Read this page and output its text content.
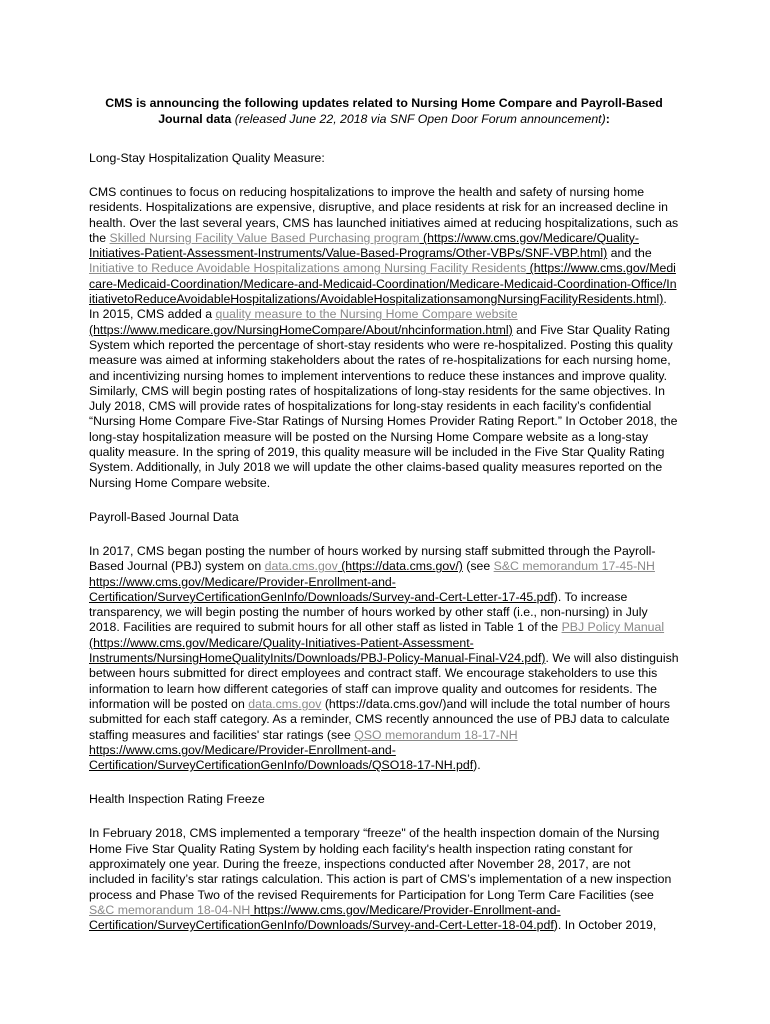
CMS is announcing the following updates related to Nursing Home Compare and Payroll-Based Journal data (released June 22, 2018 via SNF Open Door Forum announcement):
Long-Stay Hospitalization Quality Measure:

CMS continues to focus on reducing hospitalizations to improve the health and safety of nursing home residents. Hospitalizations are expensive, disruptive, and place residents at risk for an increased decline in health. Over the last several years, CMS has launched initiatives aimed at reducing hospitalizations, such as the Skilled Nursing Facility Value Based Purchasing program (https://www.cms.gov/Medicare/Quality-Initiatives-Patient-Assessment-Instruments/Value-Based-Programs/Other-VBPs/SNF-VBP.html) and the Initiative to Reduce Avoidable Hospitalizations among Nursing Facility Residents (https://www.cms.gov/Medicare-Medicaid-Coordination/Medicare-and-Medicaid-Coordination/Medicare-Medicaid-Coordination-Office/InitiativetoReduceAvoidableHospitalizations/AvoidableHospitalizationsamongNursingFacilityResidents.html). In 2015, CMS added a quality measure to the Nursing Home Compare website (https://www.medicare.gov/NursingHomeCompare/About/nhcinformation.html) and Five Star Quality Rating System which reported the percentage of short-stay residents who were re-hospitalized. Posting this quality measure was aimed at informing stakeholders about the rates of re-hospitalizations for each nursing home, and incentivizing nursing homes to implement interventions to reduce these instances and improve quality. Similarly, CMS will begin posting rates of hospitalizations of long-stay residents for the same objectives. In July 2018, CMS will provide rates of hospitalizations for long-stay residents in each facility’s confidential “Nursing Home Compare Five-Star Ratings of Nursing Homes Provider Rating Report.” In October 2018, the long-stay hospitalization measure will be posted on the Nursing Home Compare website as a long-stay quality measure. In the spring of 2019, this quality measure will be included in the Five Star Quality Rating System. Additionally, in July 2018 we will update the other claims-based quality measures reported on the Nursing Home Compare website.

Payroll-Based Journal Data

In 2017, CMS began posting the number of hours worked by nursing staff submitted through the Payroll-Based Journal (PBJ) system on data.cms.gov (https://data.cms.gov/) (see S&C memorandum 17-45-NH https://www.cms.gov/Medicare/Provider-Enrollment-and-Certification/SurveyCertificationGenInfo/Downloads/Survey-and-Cert-Letter-17-45.pdf). To increase transparency, we will begin posting the number of hours worked by other staff (i.e., non-nursing) in July 2018. Facilities are required to submit hours for all other staff as listed in Table 1 of the PBJ Policy Manual (https://www.cms.gov/Medicare/Quality-Initiatives-Patient-Assessment-Instruments/NursingHomeQualityInits/Downloads/PBJ-Policy-Manual-Final-V24.pdf). We will also distinguish between hours submitted for direct employees and contract staff. We encourage stakeholders to use this information to learn how different categories of staff can improve quality and outcomes for residents. The information will be posted on data.cms.gov (https://data.cms.gov/)and will include the total number of hours submitted for each staff category. As a reminder, CMS recently announced the use of PBJ data to calculate staffing measures and facilities' star ratings (see QSO memorandum 18-17-NH https://www.cms.gov/Medicare/Provider-Enrollment-and-Certification/SurveyCertificationGenInfo/Downloads/QSO18-17-NH.pdf).

Health Inspection Rating Freeze

In February 2018, CMS implemented a temporary “freeze" of the health inspection domain of the Nursing Home Five Star Quality Rating System by holding each facility's health inspection rating constant for approximately one year. During the freeze, inspections conducted after November 28, 2017, are not included in facility’s star ratings calculation. This action is part of CMS’s implementation of a new inspection process and Phase Two of the revised Requirements for Participation for Long Term Care Facilities (see S&C memorandum 18-04-NH https://www.cms.gov/Medicare/Provider-Enrollment-and-Certification/SurveyCertificationGenInfo/Downloads/Survey-and-Cert-Letter-18-04.pdf). In October 2019,
